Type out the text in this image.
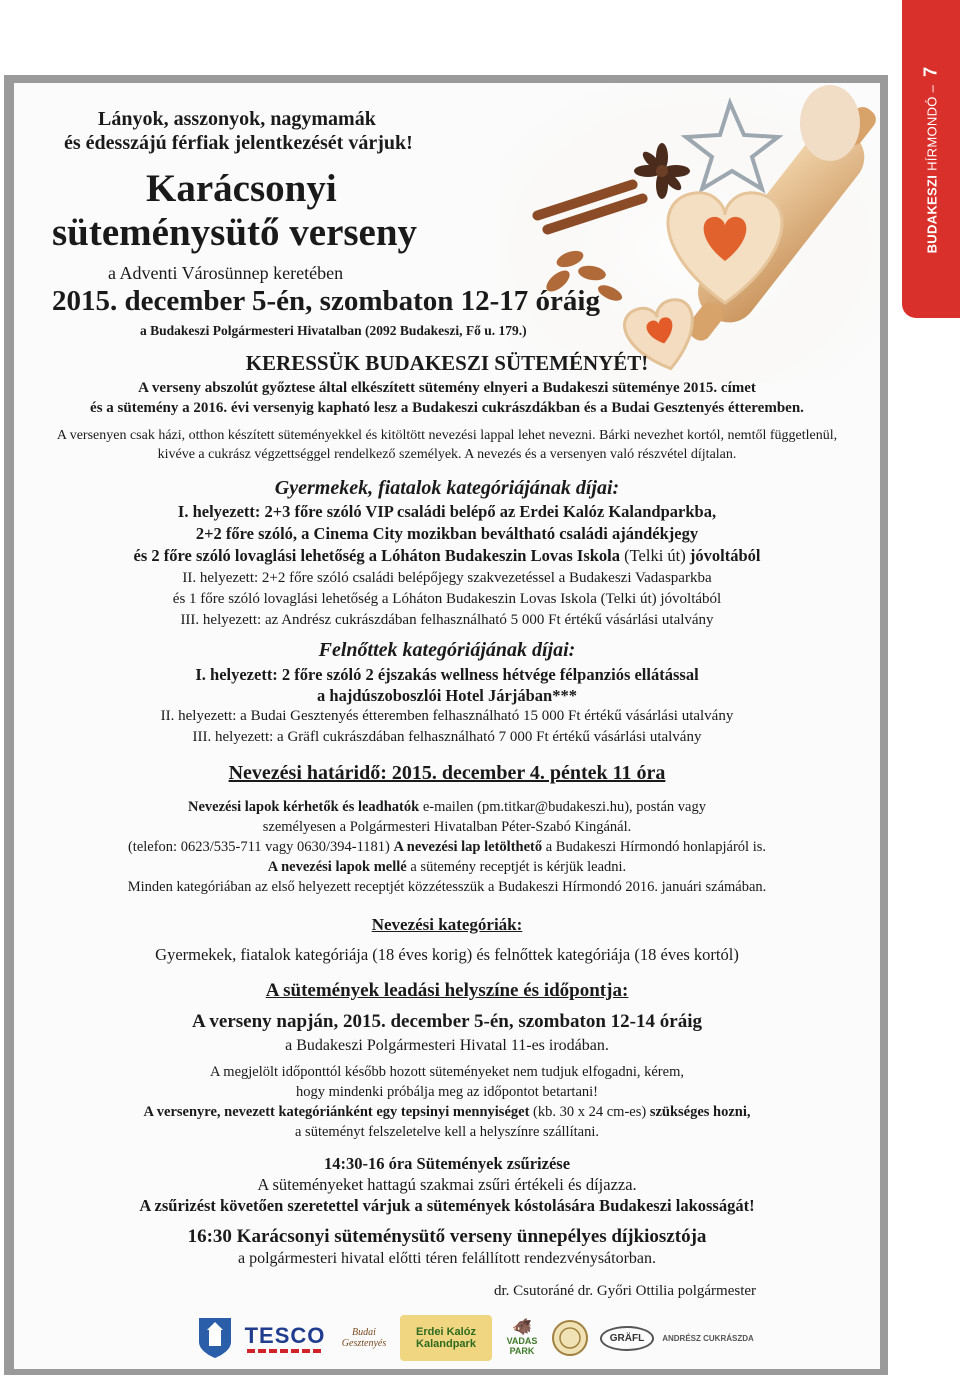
BUDAKESZI HÍRMONDÓ – 7
Lányok, asszonyok, nagymamák
és édesszájú férfiak jelentkezését várjuk!
Karácsonyi
süteménysütő verseny
a Adventi Városünnep keretében
2015. december 5-én, szombaton 12-17 óráig
a Budakeszi Polgármesteri Hivatalban (2092 Budakeszi, Fő u. 179.)
KERESSÜK BUDAKESZI SÜTEMÉNYÉT!
A verseny abszolút győztese által elkészített sütemény elnyeri a Budakeszi süteménye 2015. címet
és a sütemény a 2016. évi versenyig kapható lesz a Budakeszi cukrászdákban és a Budai Gesztenyés étteremben.
A versenyen csak házi, otthon készített süteményekkel és kitöltött nevezési lappal lehet nevezni. Bárki nevezhet kortól, nemtől függetlenül,
kivéve a cukrász végzettséggel rendelkező személyek. A nevezés és a versenyen való részvétel díjtalan.
Gyermekek, fiatalok kategóriájának díjai:
I. helyezett: 2+3 főre szóló VIP családi belépő az Erdei Kalóz Kalandparkba,
2+2 főre szóló, a Cinema City mozikban beváltható családi ajándékjegy
és 2 főre szóló lovaglási lehetőség a Lóháton Budakeszin Lovas Iskola (Telki út) jóvoltából
II. helyezett: 2+2 főre szóló családi belépőjegy szakvezetéssel a Budakeszi Vadasparkba
és 1 főre szóló lovaglási lehetőség a Lóháton Budakeszin Lovas Iskola (Telki út) jóvoltából
III. helyezett: az Andrész cukrászdában felhasználható 5 000 Ft értékű vásárlási utalvány
Felnőttek kategóriájának díjai:
I. helyezett: 2 főre szóló 2 éjszakás wellness hétvége félpanziós ellátással
a hajdúszoboszlói Hotel Járjában***
II. helyezett: a Budai Gesztenyés étteremben felhasználható 15 000 Ft értékű vásárlási utalvány
III. helyezett: a Gräfl cukrászdában felhasználható 7 000 Ft értékű vásárlási utalvány
Nevezési határidő: 2015. december 4. péntek 11 óra
Nevezési lapok kérhetők és leadhatók e-mailen (pm.titkar@budakeszi.hu), postán vagy
személyesen a Polgármesteri Hivatalban Péter-Szabó Kingánál.
(telefon: 0623/535-711 vagy 0630/394-1181) A nevezési lap letölthető a Budakeszi Hírmondó honlapjáról is.
A nevezési lapok mellé a sütemény receptjét is kérjük leadni.
Minden kategóriában az első helyezett receptjét közzétesszük a Budakeszi Hírmondó 2016. januári számában.
Nevezési kategóriák:
Gyermekek, fiatalok kategóriája (18 éves korig) és felnőttek kategóriája (18 éves kortól)
A sütemények leadási helyszíne és időpontja:
A verseny napján, 2015. december 5-én, szombaton 12-14 óráig
a Budakeszi Polgármesteri Hivatal 11-es irodában.
A megjelölt időponttól később hozott süteményeket nem tudjuk elfogadni, kérem,
hogy mindenki próbálja meg az időpontot betartani!
A versenyre, nevezett kategóriánként egy tepsinyi mennyiséget (kb. 30 x 24 cm-es) szükséges hozni,
a süteményt felszeletelve kell a helyszínre szállítani.
14:30-16 óra Sütemények zsűrizése
A süteményeket hattagú szakmai zsűri értékeli és díjazza.
A zsűrizést követően szeretettel várjuk a sütemények kóstolására Budakeszi lakosságát!
16:30 Karácsonyi süteménysütő verseny ünnepélyes díjkiosztója
a polgármesteri hivatal előtti téren felállított rendezvénysátorban.
dr. Csutoráné dr. Győri Ottilia polgármester
TESCO	Budai
Gesztenyés
Erdei Kalóz
Kalandpark
🐗
VADAS
PARK
GRÄFL	ANDRÉSZ CUKRÁSZDA
